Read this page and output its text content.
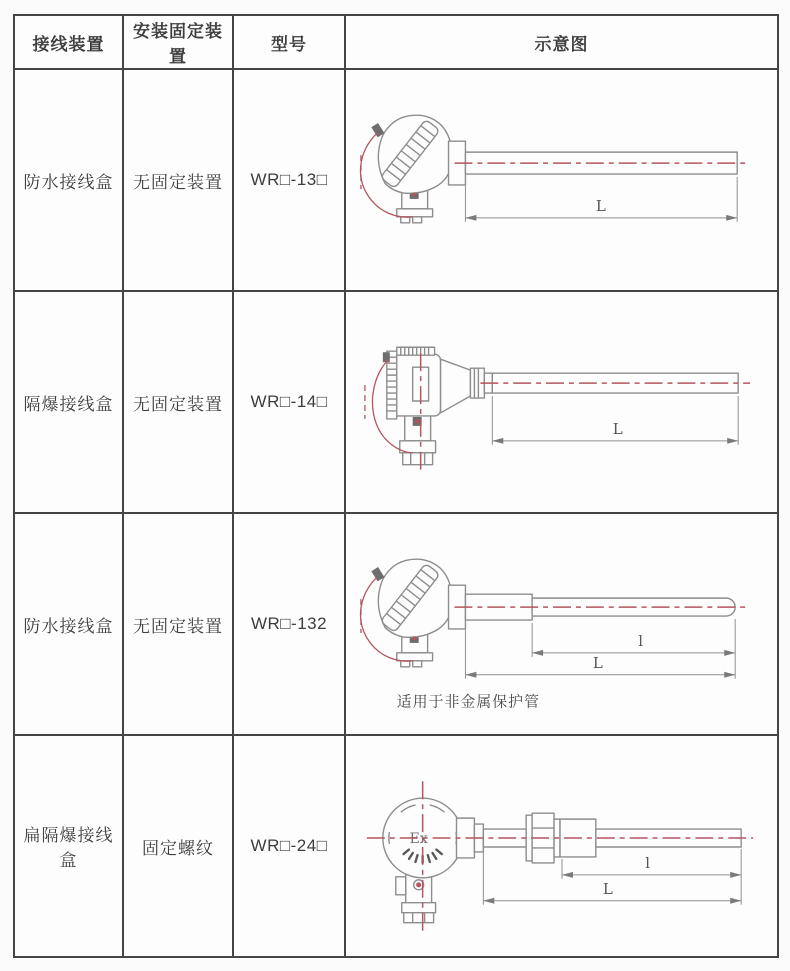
接线装置	安装固定装置	型号	示意图
防水接线盒	无固定装置	WR□-13□	L

隔爆接线盒	无固定装置	WR□-14□	L

防水接线盒	无固定装置	WR□-132	l
L
适用于非金属保护管

扁隔爆接线盒	固定螺纹	WR□-24□	Ex
l
L
